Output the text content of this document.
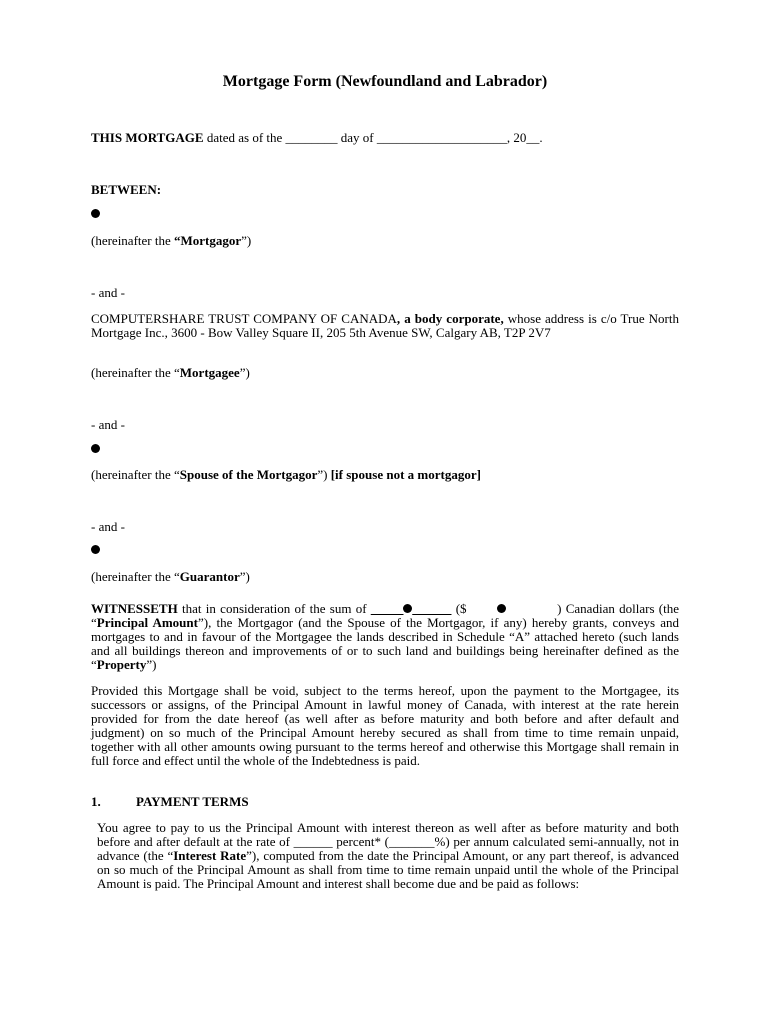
Mortgage Form (Newfoundland and Labrador)
THIS MORTGAGE dated as of the ________ day of ____________________, 20__.
BETWEEN:
(hereinafter the “Mortgagor”)
- and -
COMPUTERSHARE TRUST COMPANY OF CANADA, a body corporate, whose address is c/o True North Mortgage Inc., 3600 - Bow Valley Square II, 205 5th Avenue SW, Calgary AB, T2P 2V7
(hereinafter the “Mortgagee”)
- and -
(hereinafter the “Spouse of the Mortgagor”) [if spouse not a mortgagor]
- and -
(hereinafter the “Guarantor”)
WITNESSETH that in consideration of the sum of _____ ______ ($	) Canadian dollars (the “Principal Amount”), the Mortgagor (and the Spouse of the Mortgagor, if any) hereby grants, conveys and mortgages to and in favour of the Mortgagee the lands described in Schedule “A” attached hereto (such lands and all buildings thereon and improvements of or to such land and buildings being hereinafter defined as the “Property”)
Provided this Mortgage shall be void, subject to the terms hereof, upon the payment to the Mortgagee, its successors or assigns, of the Principal Amount in lawful money of Canada, with interest at the rate herein provided for from the date hereof (as well after as before maturity and both before and after default and judgment) on so much of the Principal Amount hereby secured as shall from time to time remain unpaid, together with all other amounts owing pursuant to the terms hereof and otherwise this Mortgage shall remain in full force and effect until the whole of the Indebtedness is paid.
1.	PAYMENT TERMS
You agree to pay to us the Principal Amount with interest thereon as well after as before maturity and both before and after default at the rate of ______ percent* (_______%) per annum calculated semi-annually, not in advance (the “Interest Rate”), computed from the date the Principal Amount, or any part thereof, is advanced on so much of the Principal Amount as shall from time to time remain unpaid until the whole of the Principal Amount is paid. The Principal Amount and interest shall become due and be paid as follows:
